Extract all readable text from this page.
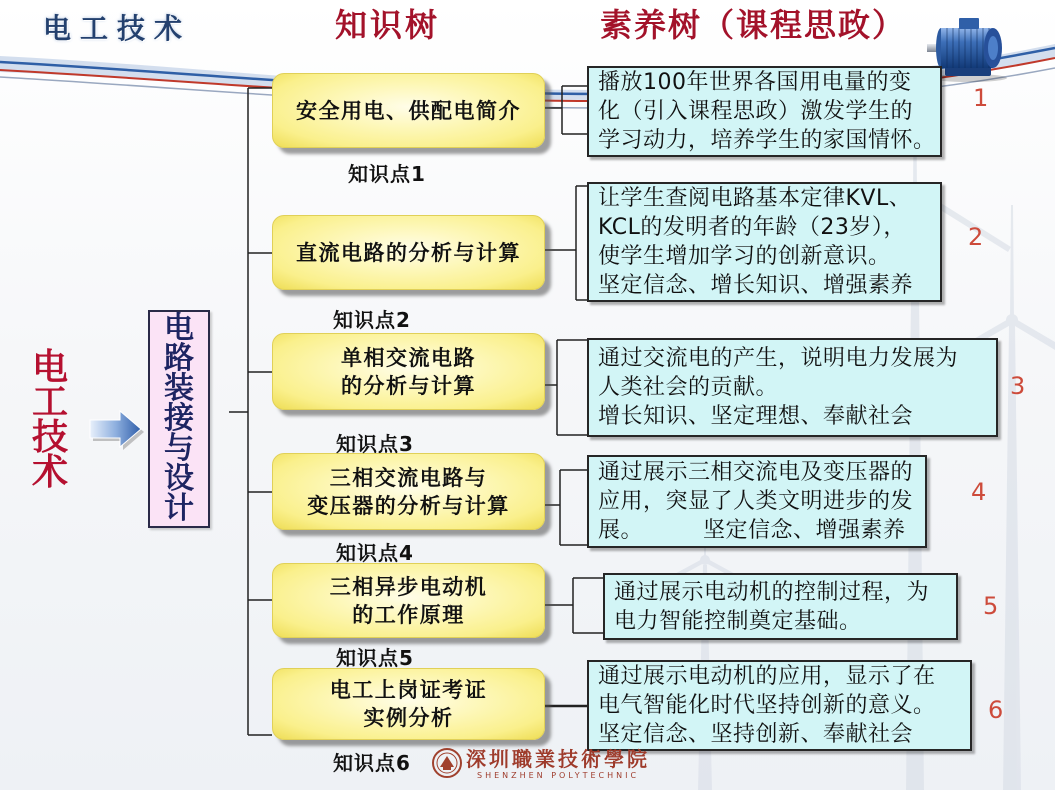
电工技术	知识树	素养树（课程思政）
电工技术
电路装接与设计
安全用电、供配电简介
直流电路的分析与计算
单相交流电路
的分析与计算
三相交流电路与
变压器的分析与计算
三相异步电动机
的工作原理
电工上岗证考证
实例分析
知识点1
知识点2
知识点3
知识点4
知识点5
知识点6
播放100年世界各国用电量的变
化（引入课程思政）激发学生的
学习动力，培养学生的家国情怀。
让学生查阅电路基本定律KVL、
KCL的发明者的年龄（23岁），
使学生增加学习的创新意识。
坚定信念、增长知识、增强素养
通过交流电的产生，说明电力发展为
人类社会的贡献。
增长知识、坚定理想、奉献社会
通过展示三相交流电及变压器的
应用，突显了人类文明进步的发
展。        坚定信念、增强素养
通过展示电动机的控制过程，为
电力智能控制奠定基础。
通过展示电动机的应用，显示了在
电气智能化时代坚持创新的意义。
坚定信念、坚持创新、奉献社会
1
2
3
4
5
6
深圳職業技術學院
SHENZHEN POLYTECHNIC
